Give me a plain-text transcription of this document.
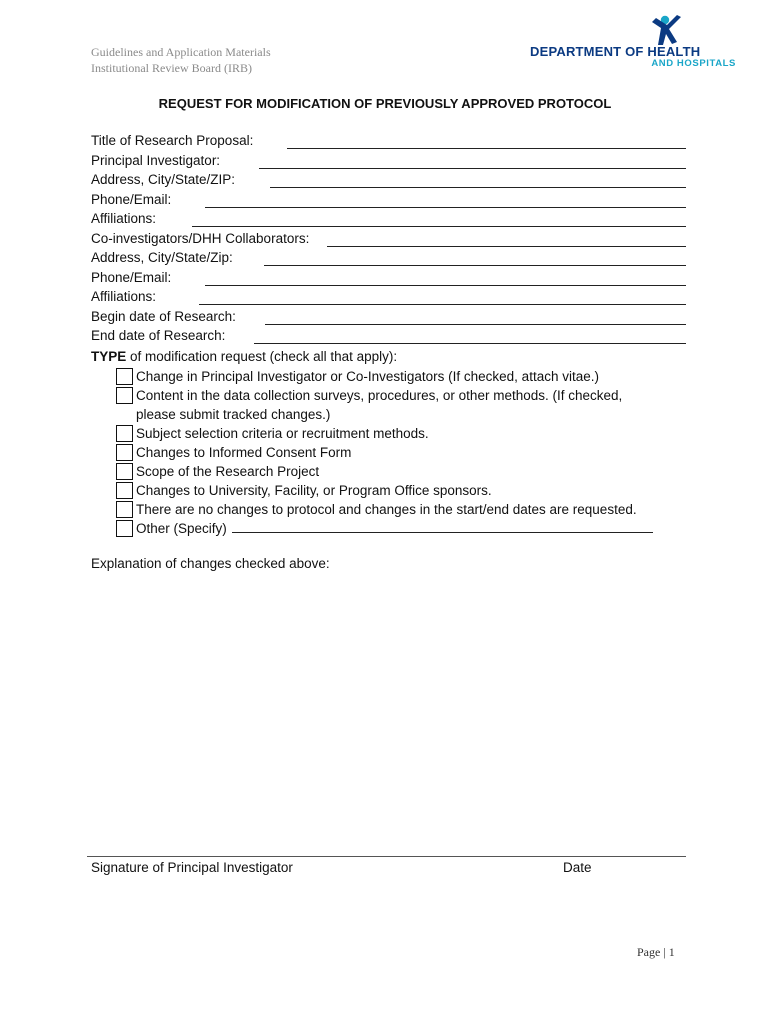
Guidelines and Application Materials
Institutional Review Board (IRB)
DEPARTMENT OF HEALTH
AND HOSPITALS
REQUEST FOR MODIFICATION OF PREVIOUSLY APPROVED PROTOCOL
Title of Research Proposal:
Principal Investigator:
Address, City/State/ZIP:
Phone/Email:
Affiliations:
Co-investigators/DHH Collaborators:
Address, City/State/Zip:
Phone/Email:
Affiliations:
Begin date of Research:
End date of Research:
TYPE of modification request (check all that apply):
Change in Principal Investigator or Co-Investigators (If checked, attach vitae.)
Content in the data collection surveys, procedures, or other methods. (If checked,
please submit tracked changes.)
Subject selection criteria or recruitment methods.
Changes to Informed Consent Form
Scope of the Research Project
Changes to University, Facility, or Program Office sponsors.
There are no changes to protocol and changes in the start/end dates are requested.
Other (Specify)
Explanation of changes checked above:
Signature of Principal Investigator	Date
Page | 1
